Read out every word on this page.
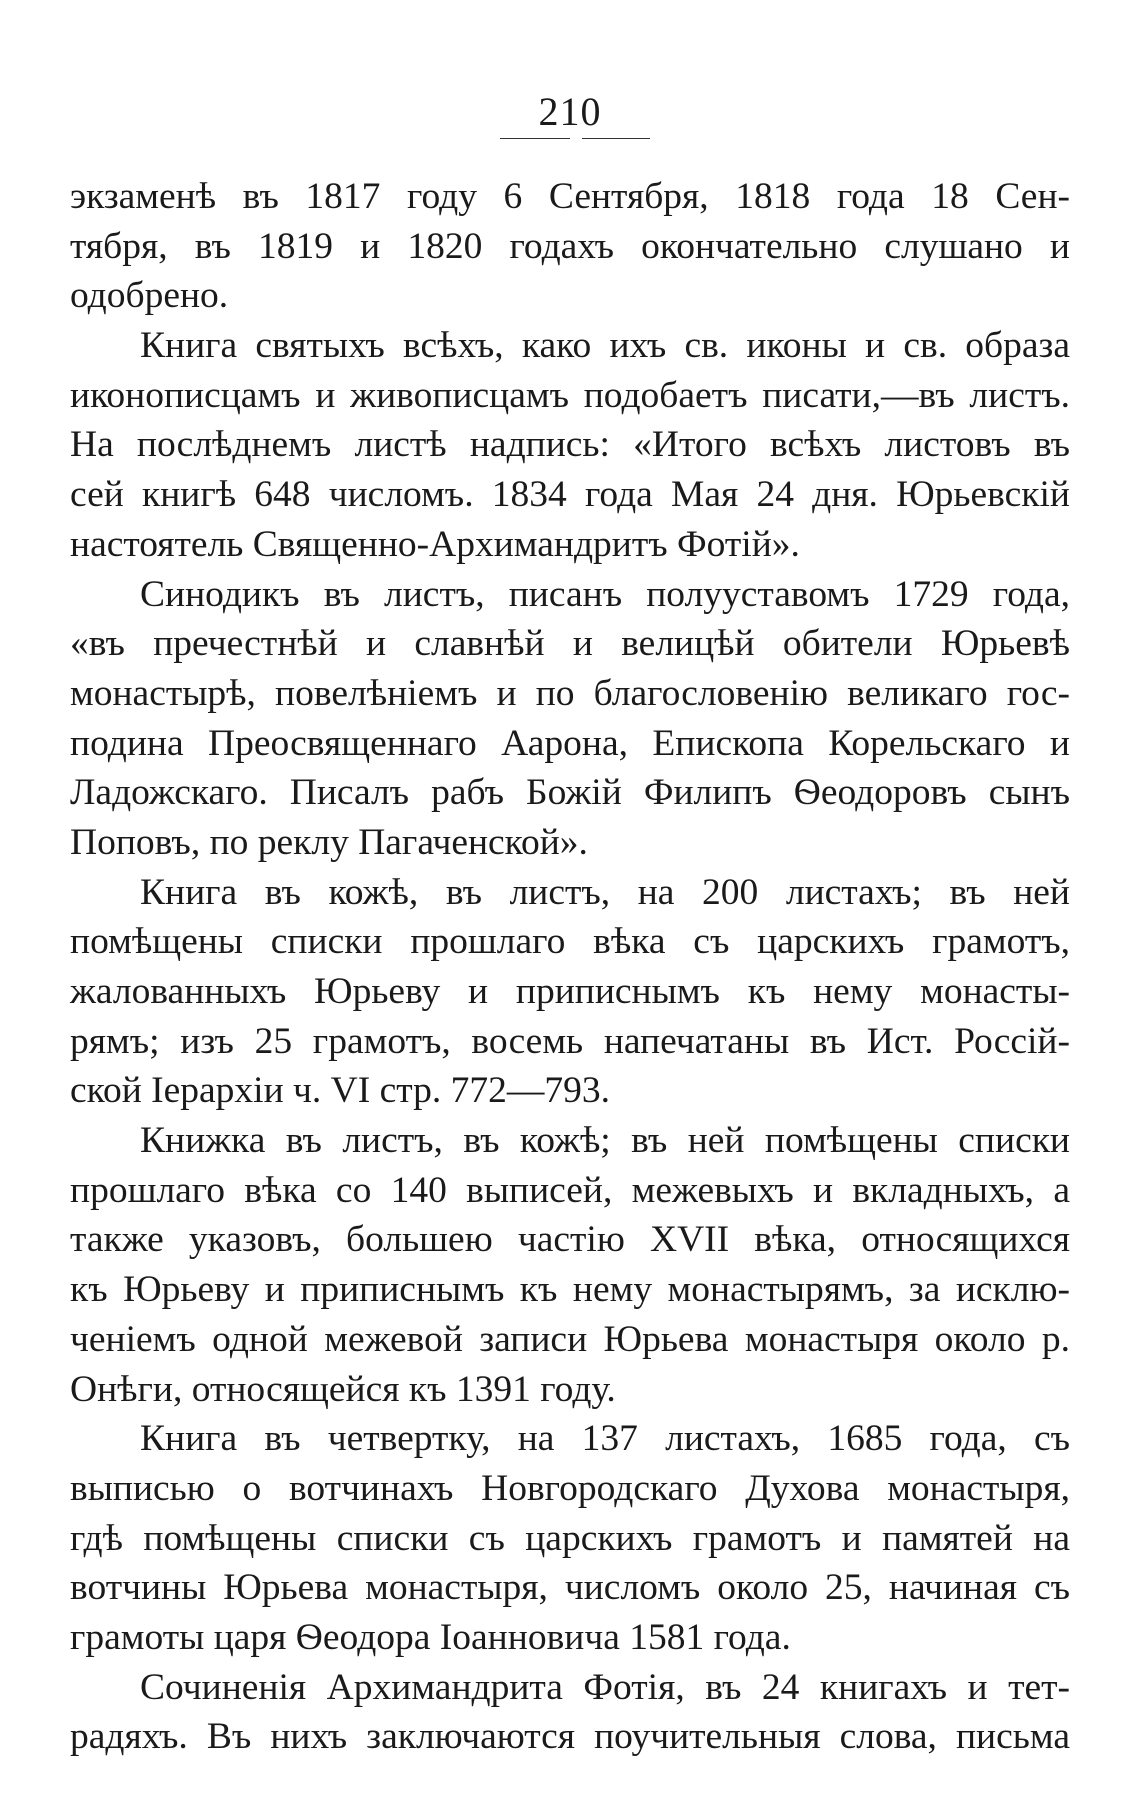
210
экзаменѣ въ 1817 году 6 Сентября, 1818 года 18 Сен-
тября, въ 1819 и 1820 годахъ окончательно слушано и
одобрено.
Книга святыхъ всѣхъ, како ихъ св. иконы и св. образа
иконописцамъ и живописцамъ подобаетъ писати,—въ листъ.
На послѣднемъ листѣ надпись: «Итого всѣхъ листовъ въ
сей книгѣ 648 числомъ. 1834 года Мая 24 дня. Юрьевскій
настоятель Священно-Архимандритъ Фотій».
Синодикъ въ листъ, писанъ полууставомъ 1729 года,
«въ пречестнѣй и славнѣй и велицѣй обители Юрьевѣ
монастырѣ, повелѣніемъ и по благословенію великаго гос-
подина Преосвященнаго Аарона, Епископа Корельскаго и
Ладожскаго. Писалъ рабъ Божій Филипъ Ѳеодоровъ сынъ
Поповъ, по реклу Пагаченской».
Книга въ кожѣ, въ листъ, на 200 листахъ; въ ней
помѣщены списки прошлаго вѣка съ царскихъ грамотъ,
жалованныхъ Юрьеву и приписнымъ къ нему монасты-
рямъ; изъ 25 грамотъ, восемь напечатаны въ Ист. Россій-
ской Іерархіи ч. VI стр. 772—793.
Книжка въ листъ, въ кожѣ; въ ней помѣщены списки
прошлаго вѣка со 140 выписей, межевыхъ и вкладныхъ, а
также указовъ, большею частію XVII вѣка, относящихся
къ Юрьеву и приписнымъ къ нему монастырямъ, за исклю-
ченіемъ одной межевой записи Юрьева монастыря около р.
Онѣги, относящейся къ 1391 году.
Книга въ четвертку, на 137 листахъ, 1685 года, съ
выписью о вотчинахъ Новгородскаго Духова монастыря,
гдѣ помѣщены списки съ царскихъ грамотъ и памятей на
вотчины Юрьева монастыря, числомъ около 25, начиная съ
грамоты царя Ѳеодора Іоанновича 1581 года.
Сочиненія Архимандрита Фотія, въ 24 книгахъ и тет-
радяхъ. Въ нихъ заключаются поучительныя слова, письма
